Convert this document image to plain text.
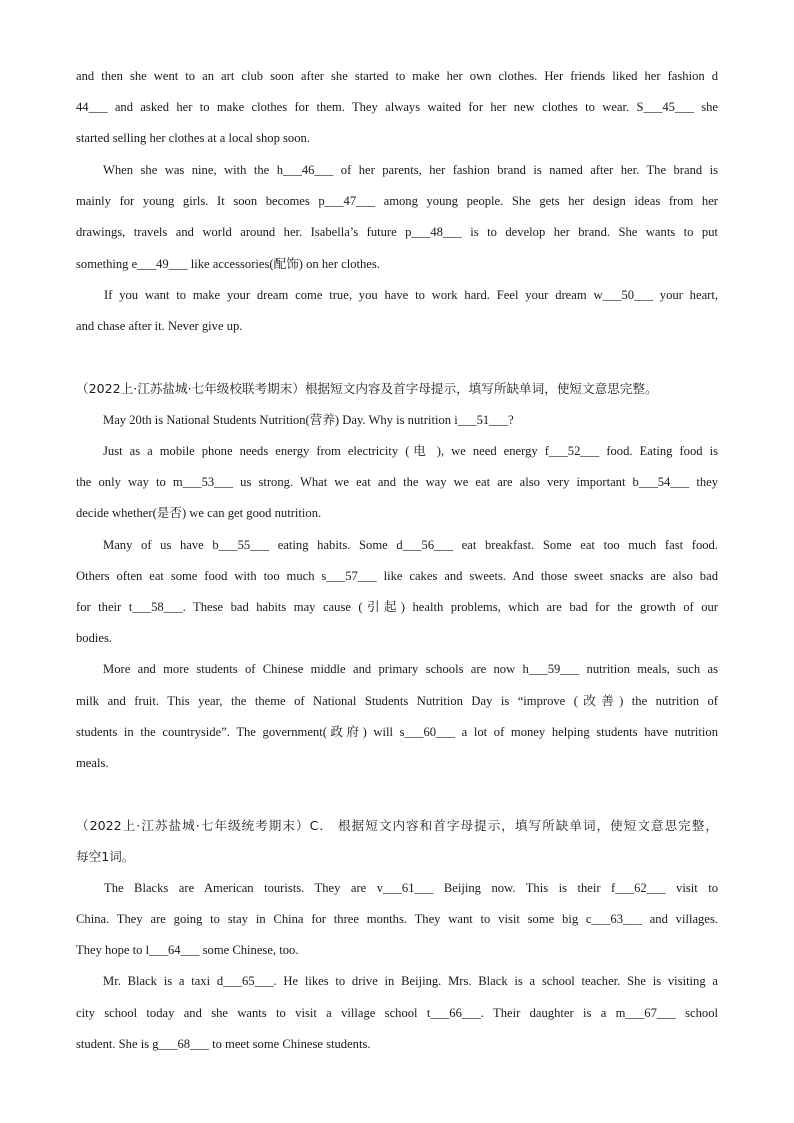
and then she went to an art club soon after she started to make her own clothes. Her friends liked her fashion d
44___ and asked her to make clothes for them. They always waited for her new clothes to wear. S___45___ she
started selling her clothes at a local shop soon.
When she was nine, with the h___46___ of her parents, her fashion brand is named after her. The brand is
mainly for young girls. It soon becomes p___47___ among young people. She gets her design ideas from her
drawings, travels and world around her. Isabella’s future p___48___ is to develop her brand. She wants to put
something e___49___ like accessories(配饰) on her clothes.
If you want to make your dream come true, you have to work hard. Feel your dream w___50___ your heart,
and chase after it. Never give up.
（2022上·江苏盐城·七年级校联考期末）根据短文内容及首字母提示，填写所缺单词，使短文意思完整。
May 20th is National Students Nutrition(营养) Day. Why is nutrition i___51___?
Just as a mobile phone needs energy from electricity (电 ), we need energy f___52___ food. Eating food is
the only way to m___53___ us strong. What we eat and the way we eat are also very important b___54___ they
decide whether(是否) we can get good nutrition.
Many of us have b___55___ eating habits. Some d___56___ eat breakfast. Some eat too much fast food.
Others often eat some food with too much s___57___ like cakes and sweets. And those sweet snacks are also bad
for their t___58___. These bad habits may cause (引起) health problems, which are bad for the growth of our
bodies.
More and more students of Chinese middle and primary schools are now h___59___ nutrition meals, such as
milk and fruit. This year, the theme of National Students Nutrition Day is “improve (改善) the nutrition of
students in the countryside”. The government(政府) will s___60___ a lot of money helping students have nutrition
meals.
（2022上·江苏盐城·七年级统考期末）C． 根据短文内容和首字母提示，填写所缺单词，使短文意思完整，
每空1词。
The Blacks are American tourists. They are v___61___ Beijing now. This is their f___62___ visit to
China. They are going to stay in China for three months. They want to visit some big c___63___ and villages.
They hope to l___64___ some Chinese, too.
Mr. Black is a taxi d___65___. He likes to drive in Beijing. Mrs. Black is a school teacher. She is visiting a
city school today and she wants to visit a village school t___66___. Their daughter is a m___67___ school
student. She is g___68___ to meet some Chinese students.
